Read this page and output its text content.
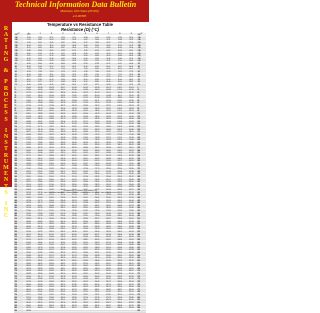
Technical Information Data Bulletin
Platinum 100 Ohms (Pt100)
a 0.00385
R
A
T
I
N
G
&
P
R
O
C
E
S
S
I
N
S
T
R
U
M
E
N
T
S
I
N
C
Temperature vs Resistance Table
Resistance (Ω) (°C)
Platinum 100 Ohm
Ro = 100 Ohms
a = 0.00385 Ω/Ω/°C
°C	0	1	2	3	4	5	6	7	8	9	°C
-200	18.52										-200
-190	22.83	22.40	21.97	21.54	21.11	20.68	20.25	19.82	19.38	18.95	-190
-180	27.10	26.67	26.24	25.82	25.39	24.97	24.54	24.11	23.68	23.25	-180
-170	31.34	30.91	30.49	30.07	29.64	29.22	28.80	28.37	27.95	27.52	-170
-160	35.54	35.12	34.70	34.28	33.86	33.44	33.02	32.60	32.18	31.76	-160
-150	39.72	39.31	38.89	38.47	38.05	37.64	37.22	36.80	36.38	35.96	-150
-140	43.88	43.46	43.05	42.63	42.22	41.80	41.39	40.97	40.56	40.14	-140
-130	48.00	47.59	47.18	46.77	46.36	45.94	45.53	45.12	44.70	44.29	-130
-120	52.11	51.70	51.29	50.88	50.47	50.06	49.65	49.24	48.83	48.42	-120
-110	56.19	55.79	55.38	54.97	54.56	54.15	53.75	53.34	52.93	52.52	-110
-100	60.26	59.85	59.44	59.04	58.63	58.23	57.82	57.41	57.01	56.60	-100
-90	64.30	63.90	63.49	63.09	62.68	62.28	61.88	61.47	61.07	60.66	-90
-80	68.33	67.92	67.52	67.12	66.72	66.31	65.91	65.51	65.11	64.70	-80
-70	72.33	71.93	71.53	71.13	70.73	70.33	69.93	69.53	69.13	68.73	-70
-60	76.33	75.93	75.53	75.13	74.73	74.33	73.93	73.53	73.13	72.73	-60
-50	80.31	79.91	79.51	79.11	78.72	78.32	77.92	77.52	77.12	76.73	-50
-40	84.27	83.87	83.48	83.08	82.69	82.29	81.89	81.50	81.10	80.70	-40
-30	88.22	87.83	87.43	87.04	86.64	86.25	85.85	85.46	85.06	84.67	-30
-20	92.16	91.77	91.37	90.98	90.59	90.19	89.80	89.40	89.01	88.62	-20
-10	96.09	95.69	95.30	94.91	94.52	94.12	93.73	93.34	92.95	92.55	-10
0	100.00	100.39	100.78	101.17	101.56	101.95	102.34	102.73	103.12	103.51	0
10	103.90	104.29	104.68	105.07	105.46	105.85	106.24	106.63	107.02	107.40	10
20	107.79	108.18	108.57	108.96	109.35	109.73	110.12	110.51	110.90	111.29	20
30	111.67	112.06	112.45	112.83	113.22	113.61	114.00	114.38	114.77	115.15	30
40	115.54	115.93	116.31	116.70	117.08	117.47	117.86	118.24	118.63	119.01	40
50	119.40	119.78	120.17	120.55	120.94	121.32	121.71	122.09	122.47	122.86	50
60	123.24	123.63	124.01	124.39	124.78	125.16	125.54	125.93	126.31	126.69	60
70	127.08	127.46	127.84	128.22	128.61	128.99	129.37	129.75	130.13	130.52	70
80	130.90	131.28	131.66	132.04	132.42	132.80	133.18	133.57	133.95	134.33	80
90	134.71	135.09	135.47	135.85	136.23	136.61	136.99	137.37	137.75	138.13	90
100	138.51	138.88	139.26	139.64	140.02	140.40	140.78	141.16	141.54	141.91	100
110	142.29	142.67	143.05	143.43	143.80	144.18	144.56	144.94	145.31	145.69	110
120	146.07	146.44	146.82	147.20	147.57	147.95	148.33	148.70	149.08	149.46	120
130	149.83	150.21	150.58	150.96	151.33	151.71	152.08	152.46	152.83	153.21	130
140	153.58	153.96	154.33	154.71	155.08	155.46	155.83	156.20	156.58	156.95	140
150	157.33	157.70	158.07	158.45	158.82	159.19	159.56	159.94	160.31	160.68	150
160	161.05	161.43	161.80	162.17	162.54	162.91	163.29	163.66	164.03	164.40	160
170	164.77	165.14	165.51	165.89	166.26	166.63	167.00	167.37	167.74	168.11	170
180	168.48	168.85	169.22	169.59	169.96	170.33	170.70	171.07	171.43	171.80	180
190	172.17	172.54	172.91	173.28	173.65	174.02	174.38	174.75	175.12	175.49	190
200	175.86	176.22	176.59	176.96	177.33	177.69	178.06	178.43	178.79	179.16	200
210	179.53	179.89	180.26	180.63	180.99	181.36	181.72	182.09	182.46	182.82	210
220	183.19	183.55	183.92	184.28	184.65	185.01	185.38	185.74	186.11	186.47	220
230	186.84	187.20	187.56	187.93	188.29	188.66	189.02	189.38	189.75	190.11	230
240	190.47	190.84	191.20	191.56	191.92	192.29	192.65	193.01	193.37	193.74	240
250	194.10	194.46	194.82	195.18	195.55	195.91	196.27	196.63	196.99	197.35	250
260	197.71	198.07	198.43	198.79	199.15	199.51	199.87	200.23	200.59	200.95	260
270	201.31	201.67	202.03	202.39	202.75	203.11	203.47	203.83	204.19	204.55	270
280	204.90	205.26	205.62	205.98	206.34	206.70	207.05	207.41	207.77	208.13	280
290	208.48	208.84	209.20	209.56	209.91	210.27	210.63	210.98	211.34	211.70	290
300	212.05	212.41	212.76	213.12	213.48	213.83	214.19	214.54	214.90	215.25	300
310	215.61	215.96	216.32	216.67	217.03	217.38	217.74	218.09	218.44	218.80	310
320	219.15	219.51	219.86	220.21	220.57	220.92	221.27	221.63	221.98	222.33	320
330	222.68	223.04	223.39	223.74	224.09	224.45	224.80	225.15	225.50	225.85	330
340	226.21	226.56	226.91	227.26	227.61	227.96	228.31	228.66	229.02	229.37	340
350	229.72	230.07	230.42	230.77	231.12	231.47	231.82	232.17	232.52	232.87	350
360	233.21	233.56	233.91	234.26	234.61	234.96	235.31	235.66	236.00	236.35	360
370	236.70	237.05	237.40	237.74	238.09	238.44	238.79	239.13	239.48	239.83	370
380	240.18	240.52	240.87	241.22	241.56	241.91	242.26	242.60	242.95	243.29	380
390	243.64	243.99	244.33	244.68	245.02	245.37	245.71	246.06	246.40	246.75	390
400	247.09	247.44	247.78	248.13	248.47	248.81	249.16	249.50	249.85	250.19	400
410	250.53	250.88	251.22	251.56	251.91	252.25	252.59	252.93	253.28	253.62	410
420	253.96	254.30	254.65	254.99	255.33	255.67	256.01	256.35	256.70	257.04	420
430	257.38	257.72	258.06	258.40	258.74	259.08	259.42	259.76	260.10	260.44	430
440	260.78	261.12	261.46	261.80	262.14	262.48	262.82	263.16	263.50	263.84	440
450	264.18	264.52	264.86	265.20	265.53	265.87	266.21	266.55	266.89	267.22	450
460	267.56	267.90	268.24	268.57	268.91	269.25	269.59	269.92	270.26	270.60	460
470	270.93	271.27	271.61	271.94	272.28	272.61	272.95	273.29	273.62	273.96	470
480	274.29	274.63	274.96	275.30	275.63	275.97	276.30	276.64	276.97	277.31	480
490	277.64	277.98	278.31	278.64	278.98	279.31	279.64	279.98	280.31	280.64	490
500	280.98	281.31	281.64	281.98	282.31	282.64	282.97	283.31	283.64	283.97	500
510	284.30	284.63	284.97	285.30	285.63	285.96	286.29	286.62	286.95	287.29	510
520	287.62	287.95	288.28	288.61	288.94	289.27	289.60	289.93	290.26	290.59	520
530	290.92	291.25	291.58	291.91	292.24	292.56	292.89	293.22	293.55	293.88	530
540	294.21	294.54	294.86	295.19	295.52	295.85	296.18	296.50	296.83	297.16	540
550	297.49	297.81	298.14	298.47	298.80	299.12	299.45	299.78	300.10	300.43	550
560	300.75	301.08	301.41	301.73	302.06	302.38	302.71	303.03	303.36	303.69	560
570	304.01	304.34	304.66	304.98	305.31	305.63	305.96	306.28	306.61	306.93	570
580	307.25	307.58	307.90	308.23	308.55	308.87	309.20	309.52	309.84	310.16	580
590	310.49	310.81	311.13	311.45	311.78	312.10	312.42	312.74	313.06	313.39	590
600	313.71	314.03	314.35	314.67	314.99	315.31	315.64	315.96	316.28	316.60	600
610	316.92	317.24	317.56	317.88	318.20	318.52	318.84	319.16	319.48	319.80	610
620	320.12	320.43	320.75	321.07	321.39	321.71	322.03	322.35	322.67	322.98	620
630	323.30	323.62	323.94	324.26	324.57	324.89	325.21	325.53	325.84	326.16	630
640	326.48	326.79	327.11	327.43	327.74	328.06	328.38	328.69	329.01	329.32	640
650	329.64	329.96	330.27	330.59	330.90	331.22	331.53	331.85	332.16	332.48	650
660	332.79	333.11	333.42	333.74	334.05	334.36	334.68	334.99	335.31	335.62	660
670	335.93	336.25	336.56	336.87	337.18	337.50	337.81	338.12	338.44	338.75	670
680	339.06	339.37	339.69	340.00	340.31	340.62	340.93	341.24	341.56	341.87	680
690	342.18	342.49	342.80	343.11	343.42	343.73	344.04	344.35	344.66	344.97	690
700	345.28	345.59	345.90	346.21	346.52	346.83	347.14	347.45	347.76	348.07	700
710	348.38	348.69	348.99	349.30	349.61	349.92	350.23	350.54	350.84	351.15	710
720	351.46	351.77	352.08	352.38	352.69	353.00	353.30	353.61	353.92	354.22	720
730	354.53	354.84	355.14	355.45	355.76	356.06	356.37	356.67	356.98	357.28	730
740	357.59	357.90	358.20	358.51	358.81	359.12	359.42	359.72	360.03	360.33	740
750	360.64	360.94	361.25	361.55	361.85	362.16	362.46	362.76	363.07	363.37	750
760	363.67	363.98	364.28	364.58	364.89	365.19	365.49	365.79	366.10	366.40	760
770	366.70	367.00	367.30	367.60	367.91	368.21	368.51	368.81	369.11	369.41	770
780	369.71	370.01	370.31	370.61	370.91	371.21	371.51	371.81	372.11	372.41	780
790	372.71	373.01	373.31	373.61	373.91	374.21	374.51	374.81	375.11	375.41	790
800	375.70	376.00	376.30	376.60	376.90	377.19	377.49	377.79	378.09	378.39	800
810	378.68	378.98	379.28	379.57	379.87	380.17	380.46	380.76	381.06	381.35	810
820	381.65	381.95	382.24	382.54	382.83	383.13	383.42	383.72	384.01	384.31	820
830	384.60	384.90	385.19	385.49	385.78	386.08	386.37	386.67	386.96	387.25	830
840	387.55	387.84	388.14	388.43	388.72	389.02	389.31	389.60	389.90	390.19	840
850	390.48										850
Temperature & Process Instruments, Inc.
1307 Commerce Avenue · Roselle, Illinois · Phone (630) 351-3399 · Fax (630) 351-3423
